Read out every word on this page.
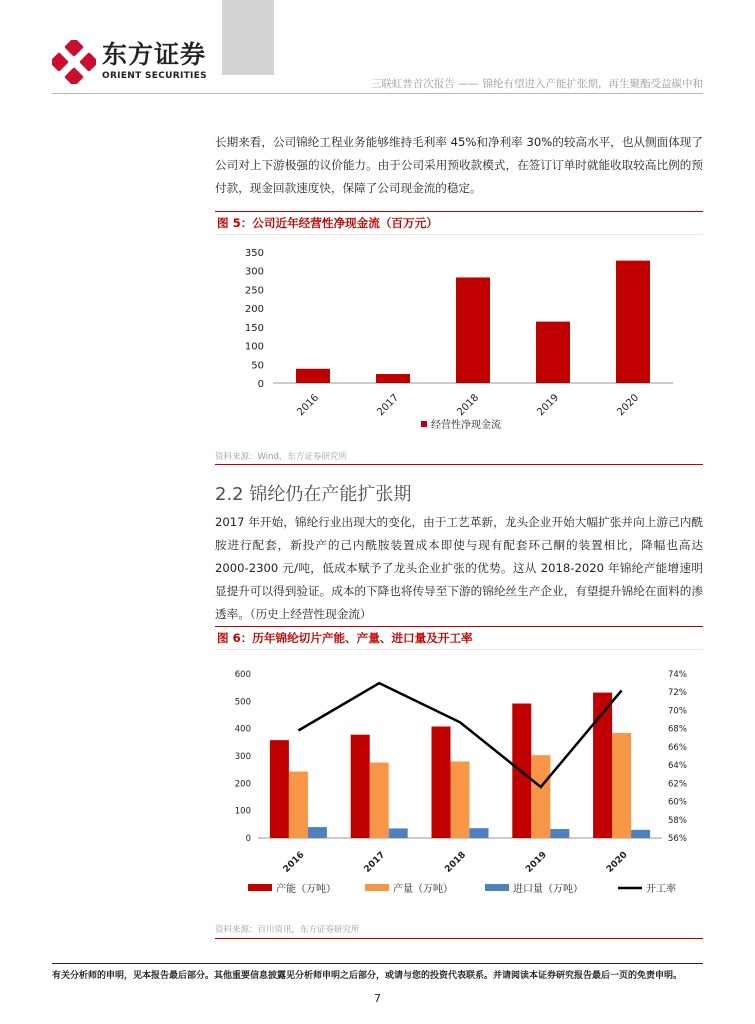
东方证券
ORIENT SECURITIES
三联虹普首次报告 —— 锦纶有望进入产能扩张期，再生聚酯受益碳中和
长期来看，公司锦纶工程业务能够维持毛利率 45%和净利率 30%的较高水平，也从侧面体现了公司对上下游极强的议价能力。由于公司采用预收款模式，在签订订单时就能收取较高比例的预付款，现金回款速度快，保障了公司现金流的稳定。
图 5：公司近年经营性净现金流（百万元）
0
50
100
150
200
250
300
350
2016	2017	2018	2019	2020
经营性净现金流
资料来源：Wind，东方证券研究所
2.2 锦纶仍在产能扩张期
2017 年开始，锦纶行业出现大的变化，由于工艺革新，龙头企业开始大幅扩张并向上游己内酰胺进行配套，新投产的己内酰胺装置成本即使与现有配套环己酮的装置相比，降幅也高达 2000-2300 元/吨，低成本赋予了龙头企业扩张的优势。这从 2018-2020 年锦纶产能增速明显提升可以得到验证。成本的下降也将传导至下游的锦纶丝生产企业，有望提升锦纶在面料的渗透率。（历史上经营性现金流）
图 6：历年锦纶切片产能、产量、进口量及开工率
0
100
200
300
400
500
600
56%
58%
60%
62%
64%
66%
68%
70%
72%
74%
2016	2017	2018	2019	2020
产能（万吨）	产量（万吨）	进口量（万吨）	开工率
资料来源：百川资讯，东方证券研究所
有关分析师的申明，见本报告最后部分。其他重要信息披露见分析师申明之后部分，或请与您的投资代表联系。并请阅读本证券研究报告最后一页的免责申明。
7
